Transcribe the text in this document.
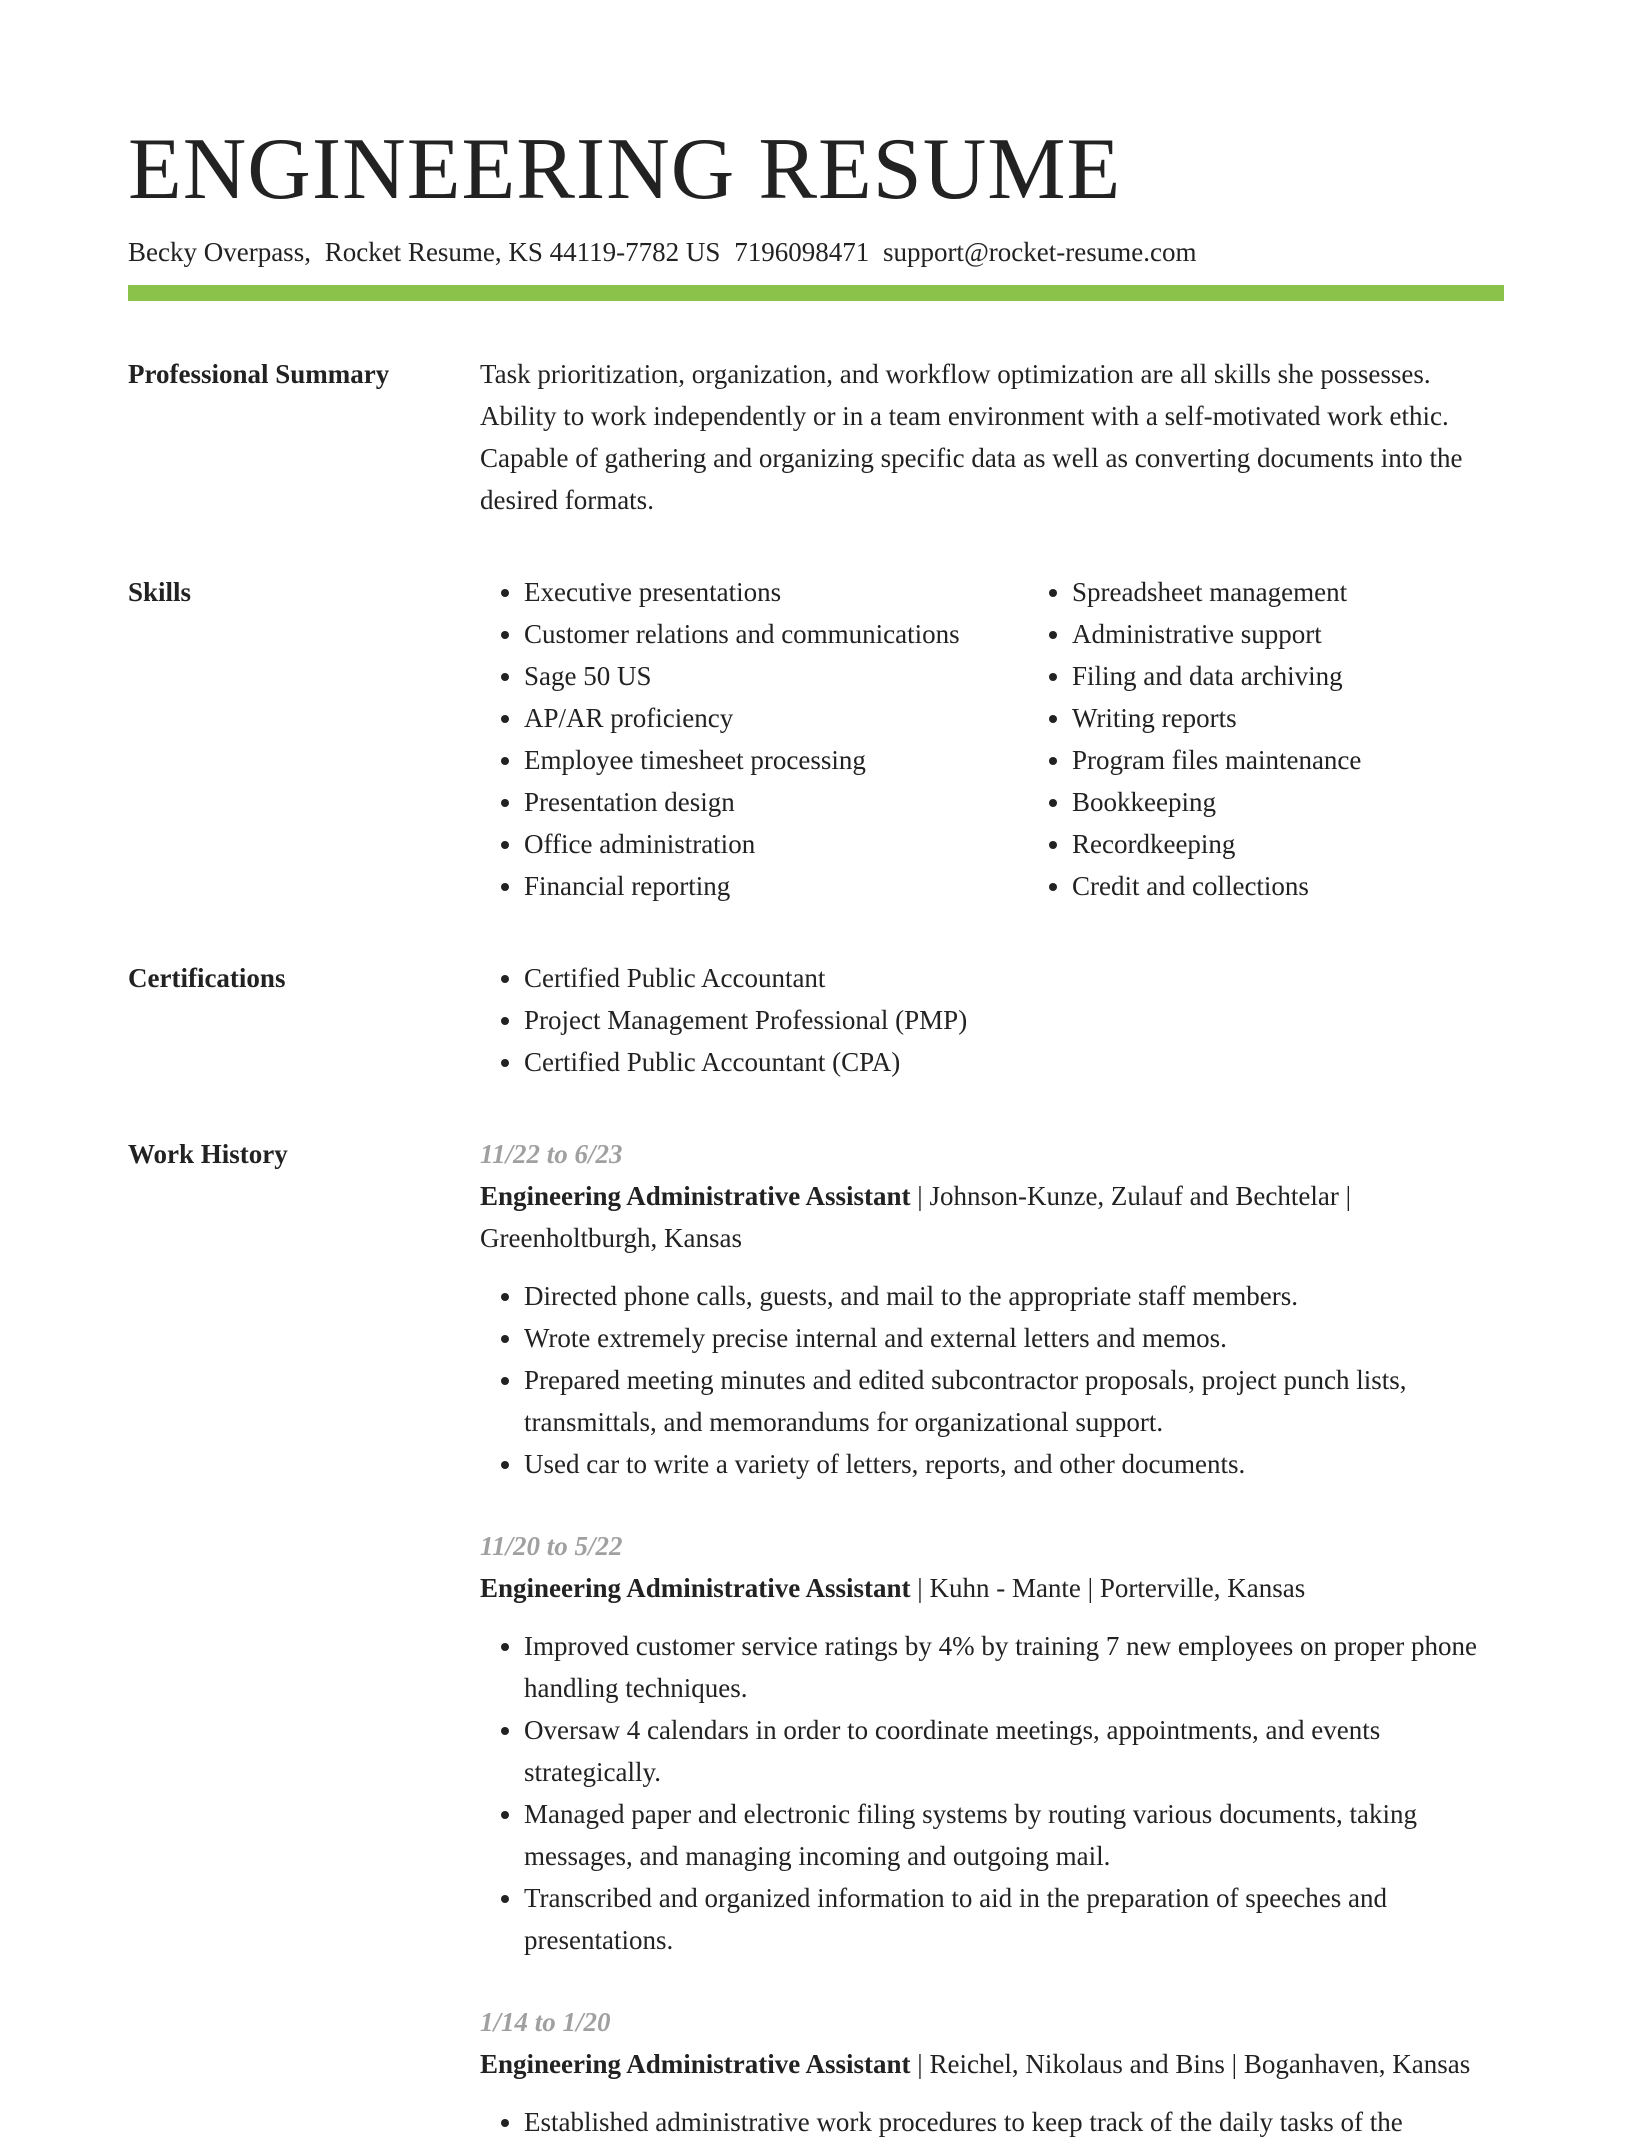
ENGINEERING RESUME
Becky Overpass, Rocket Resume, KS 44119-7782 US 7196098471 support@rocket-resume.com
Professional Summary	Task prioritization, organization, and workflow optimization are all skills she possesses. Ability to work independently or in a team environment with a self-motivated work ethic. Capable of gathering and organizing specific data as well as converting documents into the desired formats.

Skills	• Executive presentations
• Customer relations and communications
• Sage 50 US
• AP/AR proficiency
• Employee timesheet processing
• Presentation design
• Office administration
• Financial reporting
• Spreadsheet management
• Administrative support
• Filing and data archiving
• Writing reports
• Program files maintenance
• Bookkeeping
• Recordkeeping
• Credit and collections
Certifications	• Certified Public Accountant
• Project Management Professional (PMP)
• Certified Public Accountant (CPA)
Work History	11/22 to 6/23
Engineering Administrative Assistant | Johnson-Kunze, Zulauf and Bechtelar | Greenholtburgh, Kansas
• Directed phone calls, guests, and mail to the appropriate staff members.
• Wrote extremely precise internal and external letters and memos.
• Prepared meeting minutes and edited subcontractor proposals, project punch lists, transmittals, and memorandums for organizational support.
• Used car to write a variety of letters, reports, and other documents.
11/20 to 5/22
Engineering Administrative Assistant | Kuhn - Mante | Porterville, Kansas
• Improved customer service ratings by 4% by training 7 new employees on proper phone handling techniques.
• Oversaw 4 calendars in order to coordinate meetings, appointments, and events strategically.
• Managed paper and electronic filing systems by routing various documents, taking messages, and managing incoming and outgoing mail.
• Transcribed and organized information to aid in the preparation of speeches and presentations.
1/14 to 1/20
Engineering Administrative Assistant | Reichel, Nikolaus and Bins | Boganhaven, Kansas
• Established administrative work procedures to keep track of the daily tasks of the
